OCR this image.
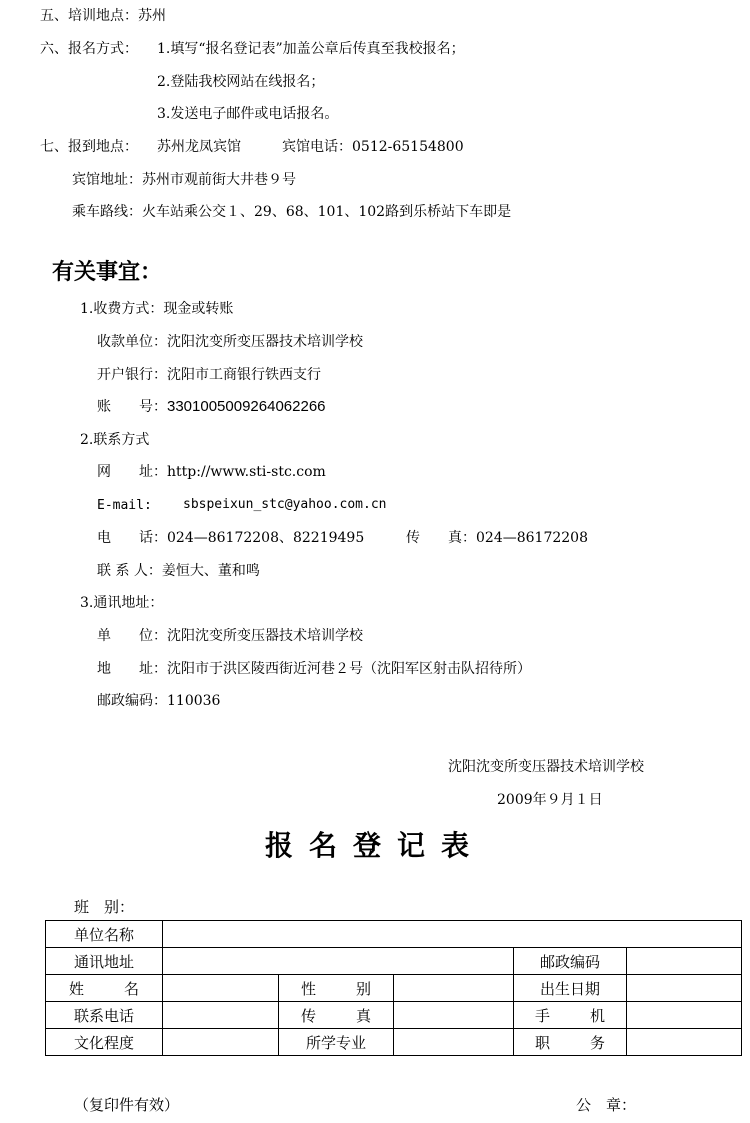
五、培训地点：苏州
六、报名方式： 1.填写“报名登记表”加盖公章后传真至我校报名；
2.登陆我校网站在线报名；
3.发送电子邮件或电话报名。
七、报到地点： 苏州龙凤宾馆	宾馆电话：0512-65154800
宾馆地址：苏州市观前街大井巷９号
乘车路线：火车站乘公交１、29、68、101、102路到乐桥站下车即是
有关事宜：
1.收费方式：现金或转账
收款单位：沈阳沈变所变压器技术培训学校
开户银行：沈阳市工商银行铁西支行
账　　号：3301005009264062266
2.联系方式
网　　址：http://www.sti-stc.com
E-mail: sbspeixun_stc@yahoo.com.cn
电　　话：024—86172208、82219495	传　　真：024—86172208
联 系 人：姜恒大、董和鸣
3.通讯地址：
单　　位：沈阳沈变所变压器技术培训学校
地　　址：沈阳市于洪区陵西街近河巷２号（沈阳军区射击队招待所）
邮政编码：110036
沈阳沈变所变压器技术培训学校
2009年９月１日
报名登记表
班　别：
单位名称					
通讯地址				邮政编码	
姓名		性别		出生日期	
联系电话		传真		手机	
文化程度		所学专业		职务	
（复印件有效）	公　章：
